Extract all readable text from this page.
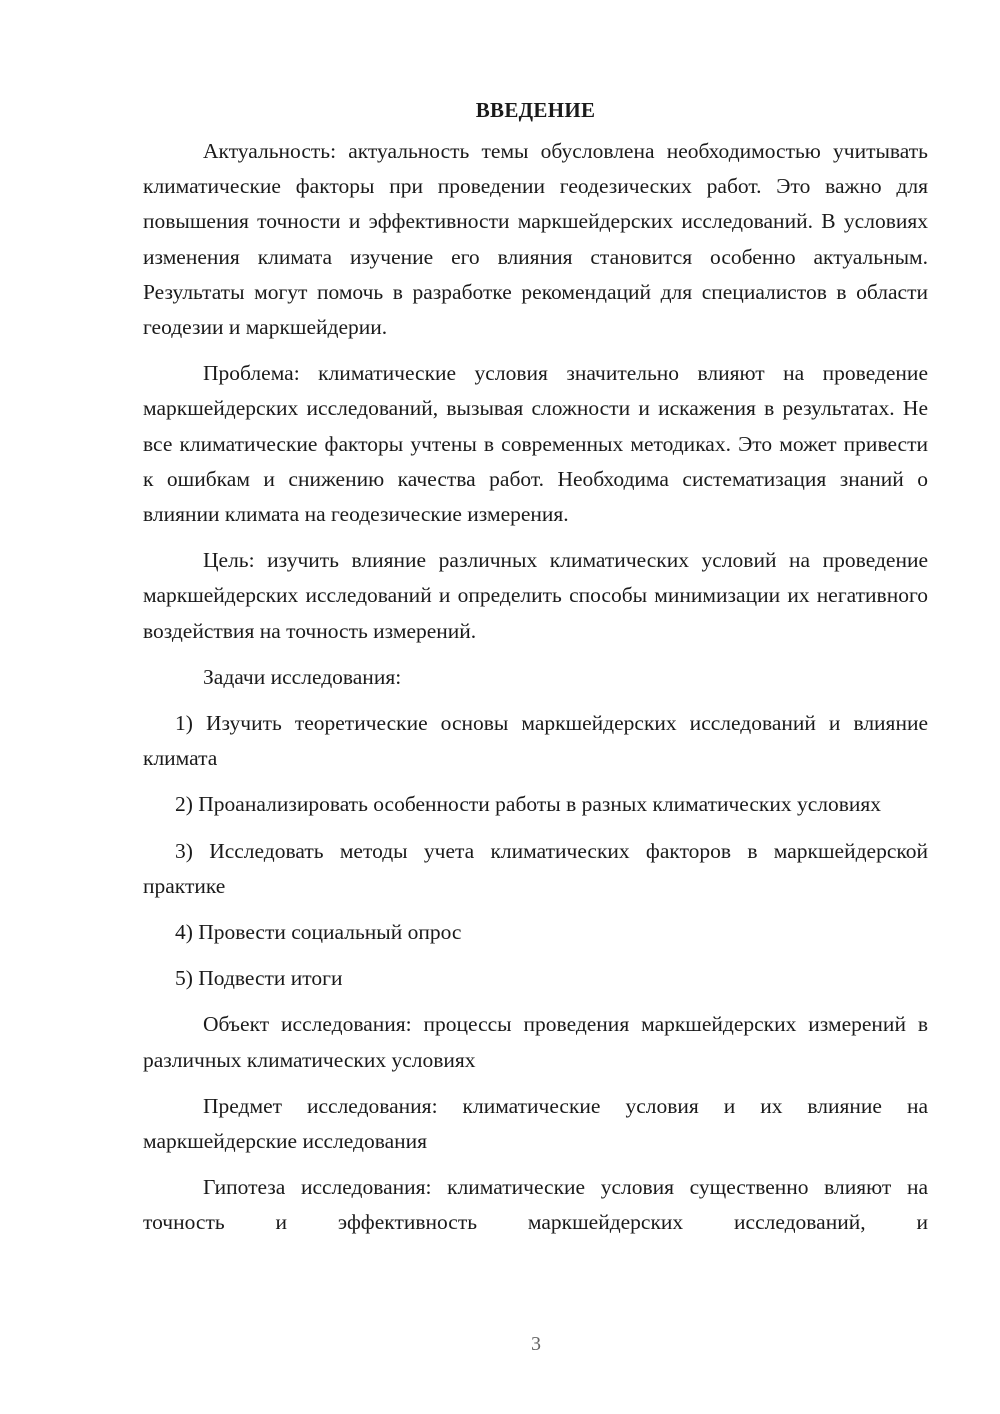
ВВЕДЕНИЕ

Актуальность: актуальность темы обусловлена необходимостью учитывать климатические факторы при проведении геодезических работ. Это важно для повышения точности и эффективности маркшейдерских исследований. В условиях изменения климата изучение его влияния становится особенно актуальным. Результаты могут помочь в разработке рекомендаций для специалистов в области геодезии и маркшейдерии.

Проблема: климатические условия значительно влияют на проведение маркшейдерских исследований, вызывая сложности и искажения в результатах. Не все климатические факторы учтены в современных методиках. Это может привести к ошибкам и снижению качества работ. Необходима систематизация знаний о влиянии климата на геодезические измерения.

Цель: изучить влияние различных климатических условий на проведение маркшейдерских исследований и определить способы минимизации их негативного воздействия на точность измерений.

Задачи исследования:

1) Изучить теоретические основы маркшейдерских исследований и влияние климата

2) Проанализировать особенности работы в разных климатических условиях

3) Исследовать методы учета климатических факторов в маркшейдерской практике

4) Провести социальный опрос

5) Подвести итоги

Объект исследования: процессы проведения маркшейдерских измерений в различных климатических условиях

Предмет исследования: климатические условия и их влияние на маркшейдерские исследования

Гипотеза исследования: климатические условия существенно влияют на точность и эффективность маркшейдерских исследований, и

3
